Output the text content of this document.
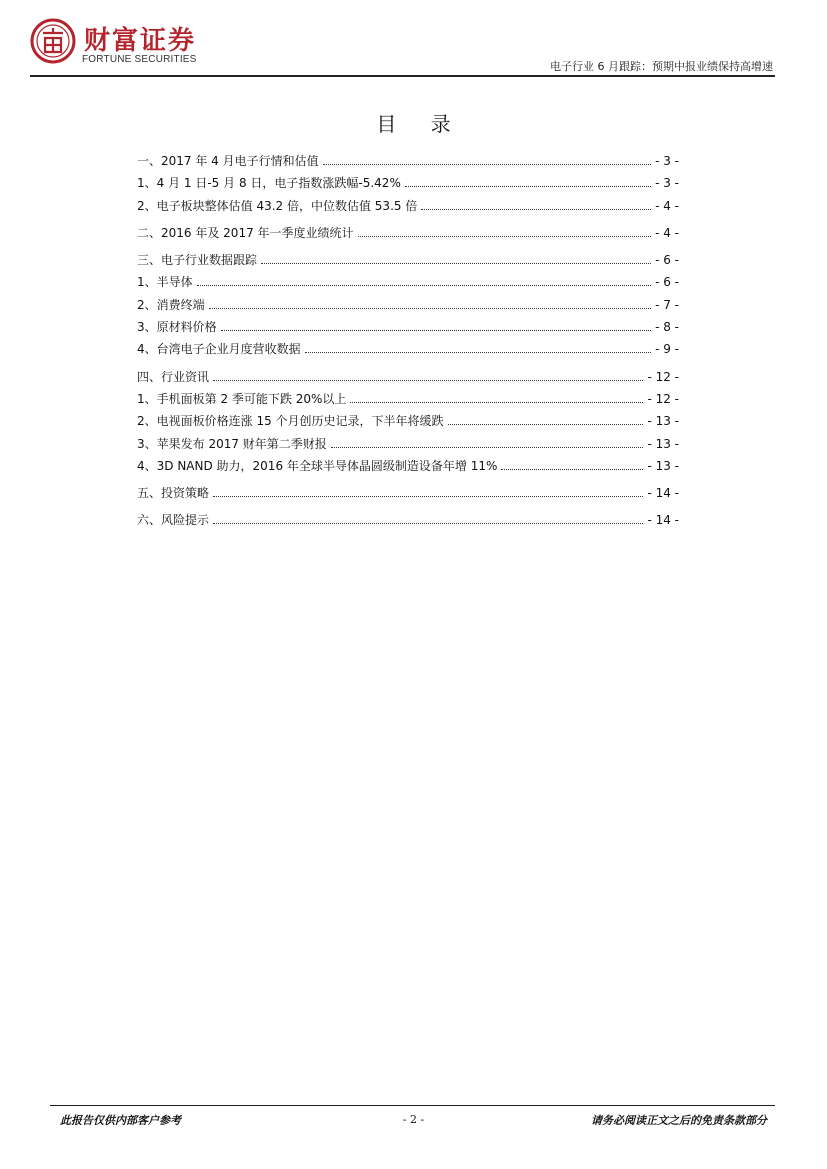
财富证券
FORTUNE SECURITIES
电子行业 6 月跟踪：预期中报业绩保持高增速
目 录
一、2017 年 4 月电子行情和估值	- 3 -
1、4 月 1 日-5 月 8 日，电子指数涨跌幅-5.42%	- 3 -
2、电子板块整体估值 43.2 倍，中位数估值 53.5 倍	- 4 -
二、2016 年及 2017 年一季度业绩统计	- 4 -
三、电子行业数据跟踪	- 6 -
1、半导体	- 6 -
2、消费终端	- 7 -
3、原材料价格	- 8 -
4、台湾电子企业月度营收数据	- 9 -
四、行业资讯	- 12 -
1、手机面板第 2 季可能下跌 20%以上	- 12 -
2、电视面板价格连涨 15 个月创历史记录，下半年将缓跌	- 13 -
3、苹果发布 2017 财年第二季财报	- 13 -
4、3D NAND 助力，2016 年全球半导体晶圆级制造设备年增 11%	- 13 -
五、投资策略	- 14 -
六、风险提示	- 14 -
此报告仅供内部客户参考	- 2 -	请务必阅读正文之后的免责条款部分
